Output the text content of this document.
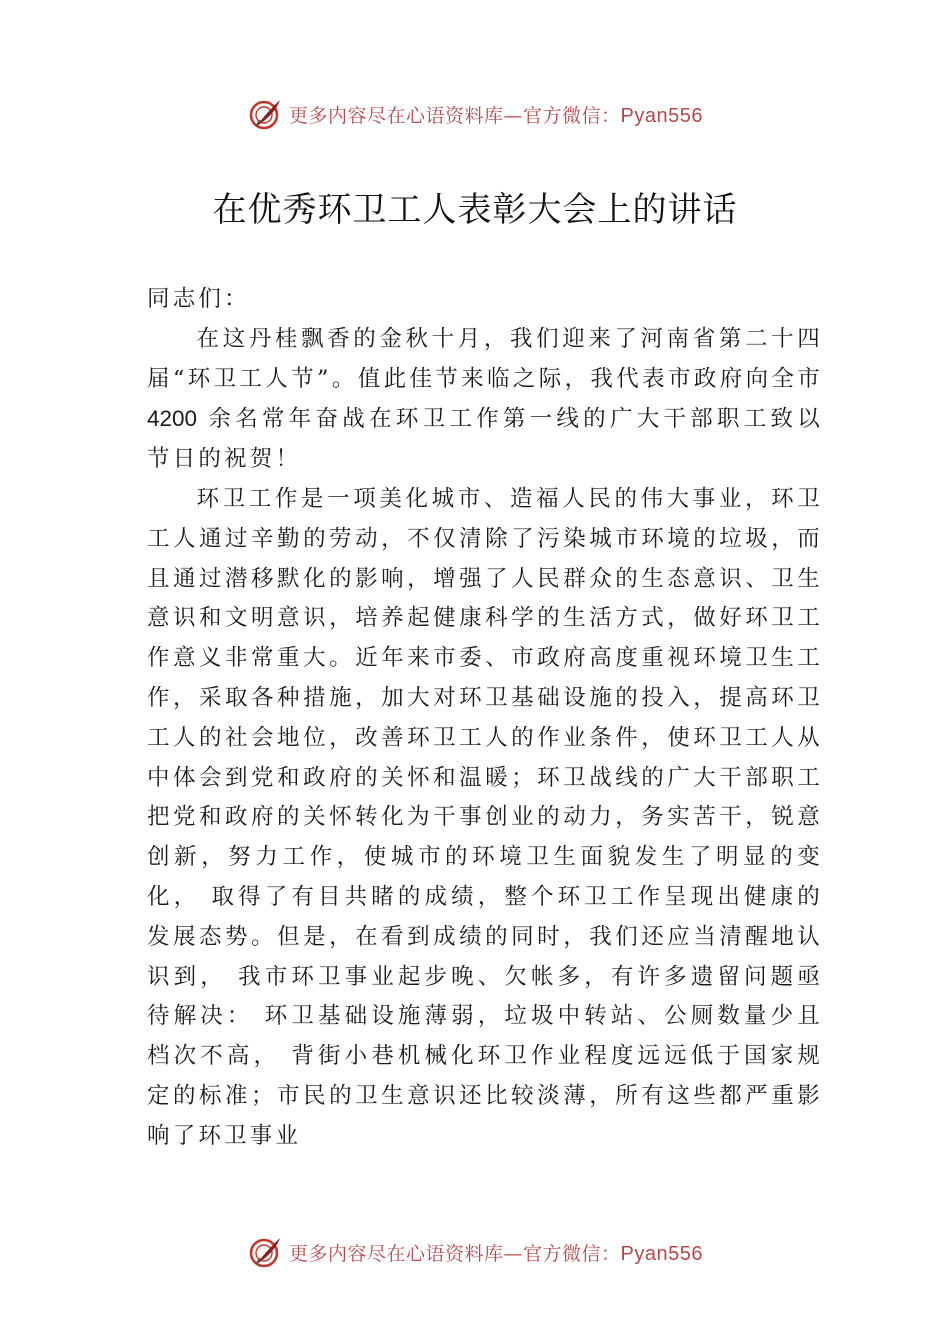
更多内容尽在心语资料库—官方微信：Pyan556
在优秀环卫工人表彰大会上的讲话

同志们：

在这丹桂飘香的金秋十月，我们迎来了河南省第二十四届“环卫工人节”。值此佳节来临之际，我代表市政府向全市4200 余名常年奋战在环卫工作第一线的广大干部职工致以节日的祝贺！

环卫工作是一项美化城市、造福人民的伟大事业，环卫工人通过辛勤的劳动，不仅清除了污染城市环境的垃圾，而且通过潜移默化的影响，增强了人民群众的生态意识、卫生意识和文明意识，培养起健康科学的生活方式，做好环卫工作意义非常重大。近年来市委、市政府高度重视环境卫生工作，采取各种措施，加大对环卫基础设施的投入，提高环卫工人的社会地位，改善环卫工人的作业条件，使环卫工人从中体会到党和政府的关怀和温暖；环卫战线的广大干部职工把党和政府的关怀转化为干事创业的动力，务实苦干，锐意创新，努力工作，使城市的环境卫生面貌发生了明显的变化， 取得了有目共睹的成绩，整个环卫工作呈现出健康的发展态势。但是，在看到成绩的同时，我们还应当清醒地认识到， 我市环卫事业起步晚、欠帐多，有许多遗留问题亟待解决： 环卫基础设施薄弱，垃圾中转站、公厕数量少且档次不高， 背街小巷机械化环卫作业程度远远低于国家规定的标准；市民的卫生意识还比较淡薄，所有这些都严重影响了环卫事业

更多内容尽在心语资料库—官方微信：Pyan556
